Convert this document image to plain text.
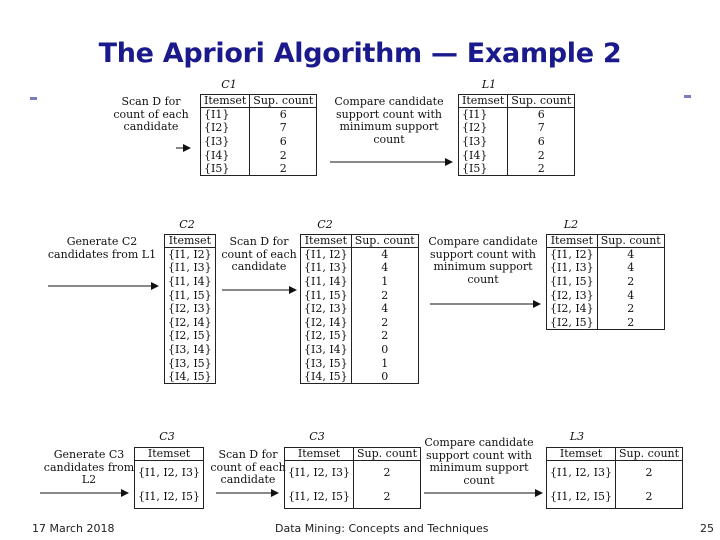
The Apriori Algorithm — Example 2
C1	L1
Scan D for count of each candidate
Compare candidate support count with minimum support count
Itemset	Sup. count
{I1}	6
{I2}	7
{I3}	6
{I4}	2
{I5}	2
Itemset	Sup. count
{I1}	6
{I2}	7
{I3}	6
{I4}	2
{I5}	2
C2	C2	L2
Generate C2 candidates from L1
Scan D for count of each candidate
Compare candidate support count with minimum support count
Itemset
{I1, I2}
{I1, I3}
{I1, I4}
{I1, I5}
{I2, I3}
{I2, I4}
{I2, I5}
{I3, I4}
{I3, I5}
{I4, I5}
Itemset	Sup. count
{I1, I2}	4
{I1, I3}	4
{I1, I4}	1
{I1, I5}	2
{I2, I3}	4
{I2, I4}	2
{I2, I5}	2
{I3, I4}	0
{I3, I5}	1
{I4, I5}	0
Itemset	Sup. count
{I1, I2}	4
{I1, I3}	4
{I1, I5}	2
{I2, I3}	4
{I2, I4}	2
{I2, I5}	2
C3	C3	L3
Generate C3 candidates from L2
Scan D for count of each candidate
Compare candidate support count with minimum support count
Itemset
{I1, I2, I3}
{I1, I2, I5}
Itemset	Sup. count
{I1, I2, I3}	2
{I1, I2, I5}	2
Itemset	Sup. count
{I1, I2, I3}	2
{I1, I2, I5}	2
17 March 2018	Data Mining: Concepts and Techniques	25
